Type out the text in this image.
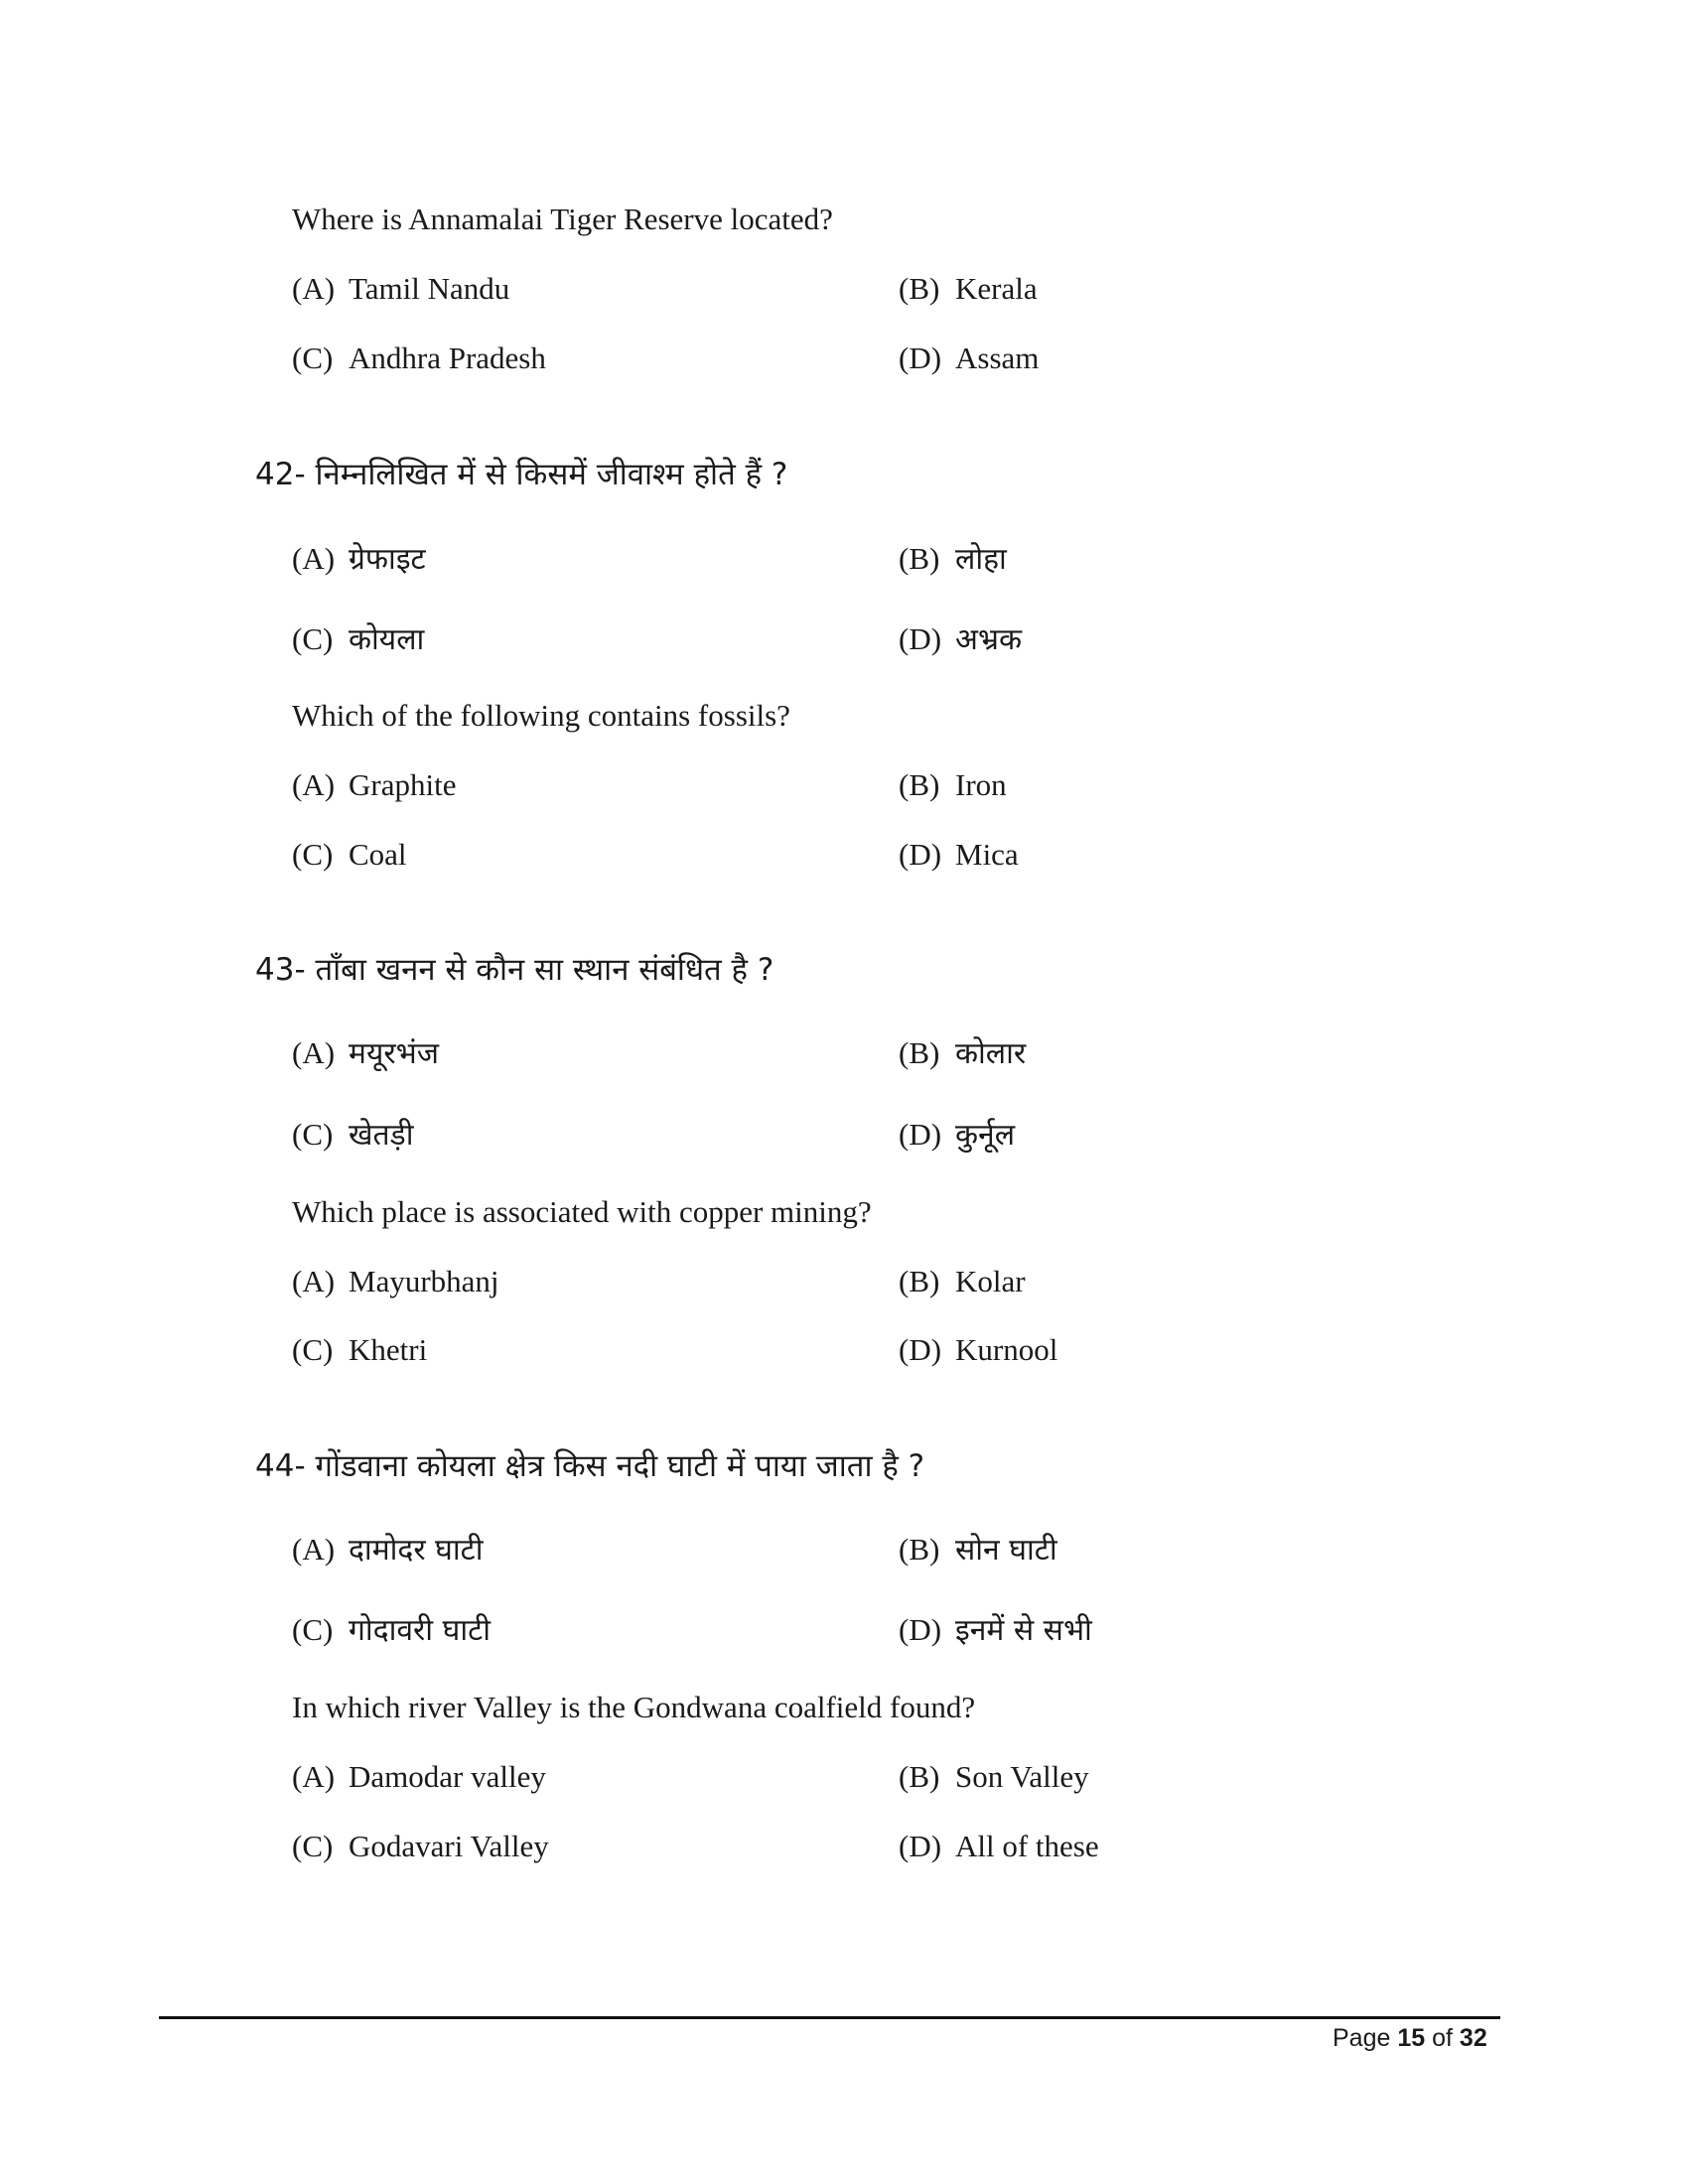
Where is Annamalai Tiger Reserve located?
(A) Tamil Nandu	(B) Kerala
(C) Andhra Pradesh	(D) Assam
42- निम्नलिखित में से किसमें जीवाश्म होते हैं ?
(A) ग्रेफाइट	(B) लोहा
(C) कोयला	(D) अभ्रक
Which of the following contains fossils?
(A) Graphite	(B) Iron
(C) Coal	(D) Mica
43- ताँबा खनन से कौन सा स्थान संबंधित है ?
(A) मयूरभंज	(B) कोलार
(C) खेतड़ी	(D) कुर्नूल
Which place is associated with copper mining?
(A) Mayurbhanj	(B) Kolar
(C) Khetri	(D) Kurnool
44- गोंडवाना कोयला क्षेत्र किस नदी घाटी में पाया जाता है ?
(A) दामोदर घाटी	(B) सोन घाटी
(C) गोदावरी घाटी	(D) इनमें से सभी
In which river Valley is the Gondwana coalfield found?
(A) Damodar valley	(B) Son Valley
(C) Godavari Valley	(D) All of these
Page 15 of 32
